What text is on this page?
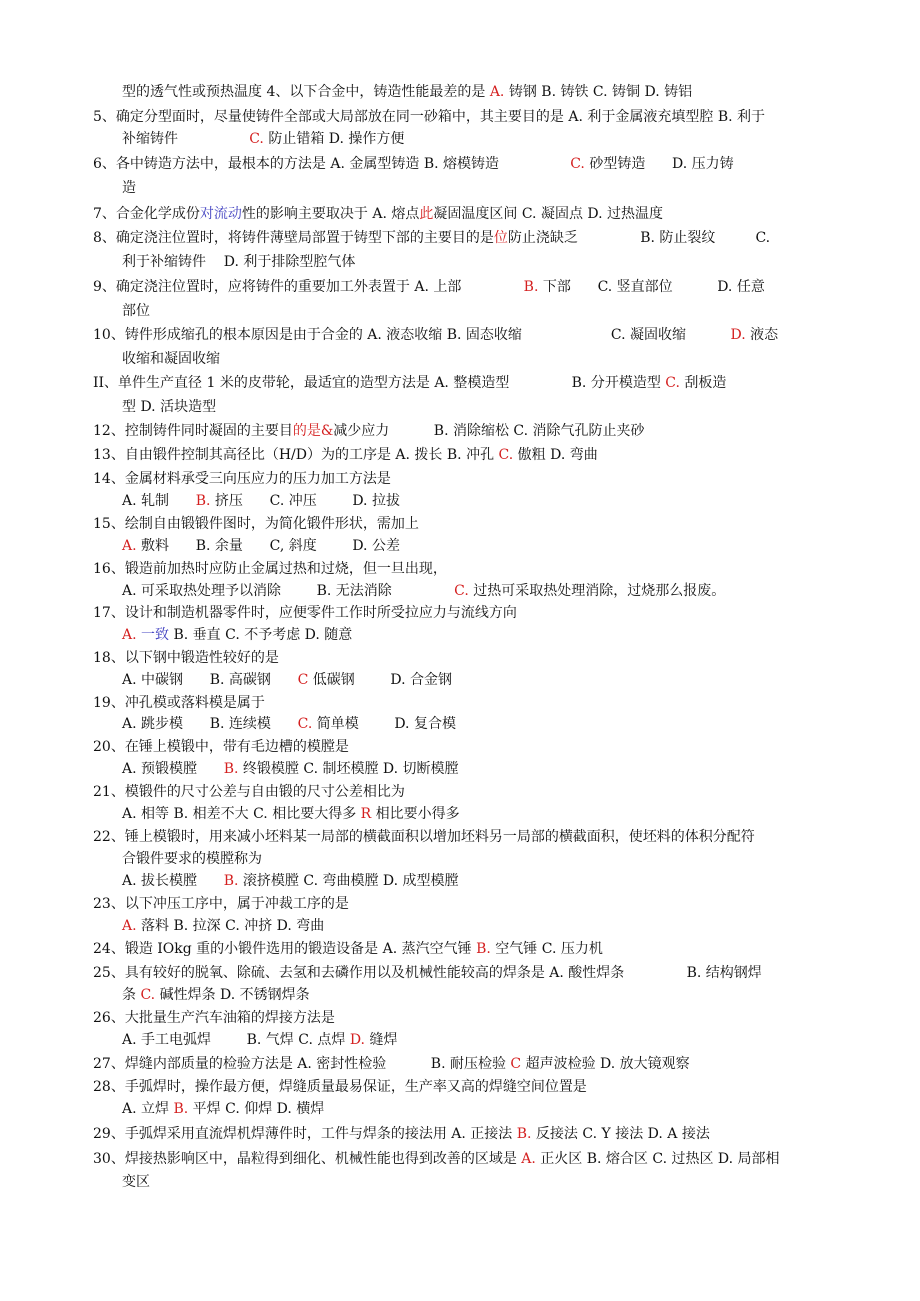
型的透气性或预热温度 4、以下合金中，铸造性能最差的是 A. 铸钢 B. 铸铁 C. 铸铜 D. 铸铝
5、确定分型面时，尽量使铸件全部或大局部放在同一砂箱中，其主要目的是 A. 利于金属液充填型腔 B. 利于
补缩铸件                C. 防止错箱 D. 操作方便
6、各中铸造方法中，最根本的方法是 A. 金属型铸造 B. 熔模铸造                C. 砂型铸造      D. 压力铸
造
7、合金化学成份对流动性的影响主要取决于 A. 熔点此凝固温度区间 C. 凝固点 D. 过热温度
8、确定浇注位置时，将铸件薄壁局部置于铸型下部的主要目的是位防止浇缺乏              B. 防止裂纹         C.
利于补缩铸件    D. 利于排除型腔气体
9、确定浇注位置时，应将铸件的重要加工外表置于 A. 上部              B. 下部      C. 竖直部位          D. 任意
部位
10、铸件形成缩孔的根本原因是由于合金的 A. 液态收缩 B. 固态收缩                    C. 凝固收缩          D. 液态
收缩和凝固收缩
II、单件生产直径 1 米的皮带轮，最适宜的造型方法是 A. 整模造型              B. 分开模造型 C. 刮板造
型 D. 活块造型
12、控制铸件同时凝固的主要目的是&减少应力          B. 消除缩松 C. 消除气孔防止夹砂
13、自由锻件控制其高径比（H/D）为的工序是 A. 拨长 B. 冲孔 C. 傲粗 D. 弯曲
14、金属材料承受三向压应力的压力加工方法是
A. 轧制      B. 挤压      C. 冲压        D. 拉拔
15、绘制自由锻锻件图时，为简化锻件形状，需加上
A. 敷料      B. 余量      C, 斜度        D. 公差
16、锻造前加热时应防止金属过热和过烧，但一旦出现，
A. 可采取热处理予以消除        B. 无法消除              C. 过热可采取热处理消除，过烧那么报废。
17、设计和制造机器零件时，应便零件工作时所受拉应力与流线方向
A. 一致 B. 垂直 C. 不予考虑 D. 随意
18、以下钢中锻造性较好的是
A. 中碳钢      B. 高碳钢      C 低碳钢        D. 合金钢
19、冲孔模或落料模是属于
A. 跳步模      B. 连续模      C. 简单模        D. 复合模
20、在锤上模锻中，带有毛边槽的模膛是
A. 预锻模膛      B. 终锻模膛 C. 制坯模膛 D. 切断模膛
21、模锻件的尺寸公差与自由锻的尺寸公差相比为
A. 相等 B. 相差不大 C. 相比要大得多 R 相比要小得多
22、锤上模锻时，用来减小坯料某一局部的横截面积以增加坯料另一局部的横截面积，使坯料的体积分配符
合锻件要求的模膛称为
A. 拔长模膛      B. 滚挤模膛 C. 弯曲模膛 D. 成型模膛
23、以下冲压工序中，属于冲裁工序的是
A. 落料 B. 拉深 C. 冲挤 D. 弯曲
24、锻造 IOkg 重的小锻件选用的锻造设备是 A. 蒸汽空气锤 B. 空气锤 C. 压力机
25、具有较好的脱氧、除硫、去氢和去磷作用以及机械性能较高的焊条是 A. 酸性焊条              B. 结构钢焊
条 C. 碱性焊条 D. 不锈钢焊条
26、大批量生产汽车油箱的焊接方法是
A. 手工电弧焊        B. 气焊 C. 点焊 D. 缝焊
27、焊缝内部质量的检验方法是 A. 密封性检验          B. 耐压检验 C 超声波检验 D. 放大镜观察
28、手弧焊时，操作最方便，焊缝质量最易保证，生产率又高的焊缝空间位置是
A. 立焊 B. 平焊 C. 仰焊 D. 横焊
29、手弧焊采用直流焊机焊薄件时，工件与焊条的接法用 A. 正接法 B. 反接法 C. Y 接法 D. A 接法
30、焊接热影响区中，晶粒得到细化、机械性能也得到改善的区域是 A. 正火区 B. 熔合区 C. 过热区 D. 局部相
变区
